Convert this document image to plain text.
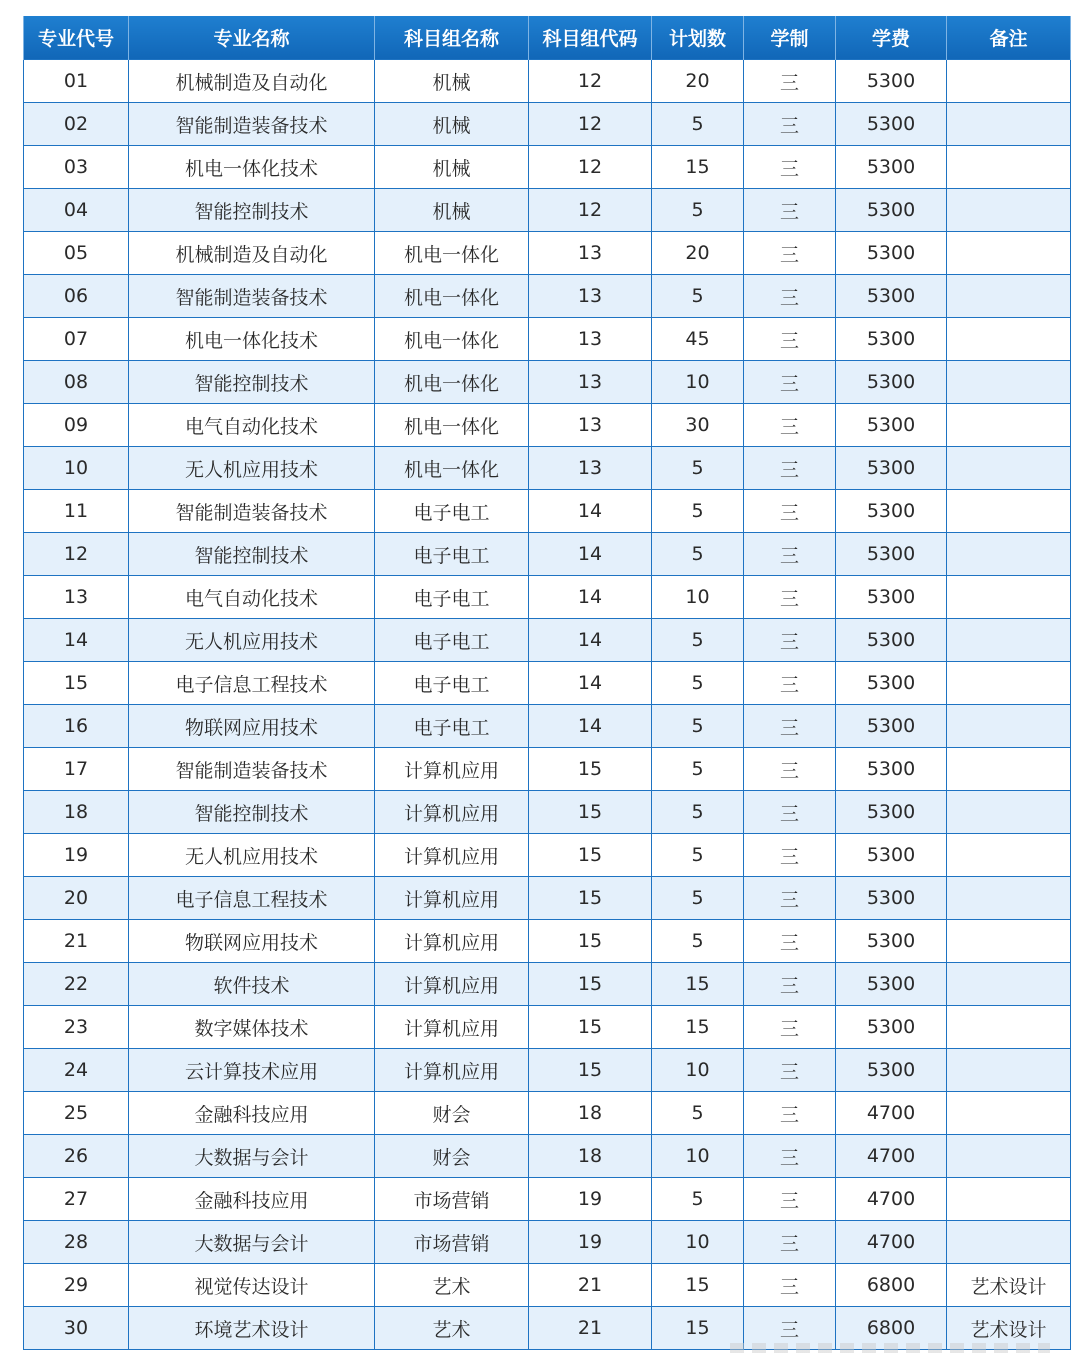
专业代号	专业名称	科目组名称	科目组代码	计划数	学制	学费	备注
01	机械制造及自动化	机械	12	20	三	5300	
02	智能制造装备技术	机械	12	5	三	5300	
03	机电一体化技术	机械	12	15	三	5300	
04	智能控制技术	机械	12	5	三	5300	
05	机械制造及自动化	机电一体化	13	20	三	5300	
06	智能制造装备技术	机电一体化	13	5	三	5300	
07	机电一体化技术	机电一体化	13	45	三	5300	
08	智能控制技术	机电一体化	13	10	三	5300	
09	电气自动化技术	机电一体化	13	30	三	5300	
10	无人机应用技术	机电一体化	13	5	三	5300	
11	智能制造装备技术	电子电工	14	5	三	5300	
12	智能控制技术	电子电工	14	5	三	5300	
13	电气自动化技术	电子电工	14	10	三	5300	
14	无人机应用技术	电子电工	14	5	三	5300	
15	电子信息工程技术	电子电工	14	5	三	5300	
16	物联网应用技术	电子电工	14	5	三	5300	
17	智能制造装备技术	计算机应用	15	5	三	5300	
18	智能控制技术	计算机应用	15	5	三	5300	
19	无人机应用技术	计算机应用	15	5	三	5300	
20	电子信息工程技术	计算机应用	15	5	三	5300	
21	物联网应用技术	计算机应用	15	5	三	5300	
22	软件技术	计算机应用	15	15	三	5300	
23	数字媒体技术	计算机应用	15	15	三	5300	
24	云计算技术应用	计算机应用	15	10	三	5300	
25	金融科技应用	财会	18	5	三	4700	
26	大数据与会计	财会	18	10	三	4700	
27	金融科技应用	市场营销	19	5	三	4700	
28	大数据与会计	市场营销	19	10	三	4700	
29	视觉传达设计	艺术	21	15	三	6800	艺术设计
30	环境艺术设计	艺术	21	15	三	6800	艺术设计
